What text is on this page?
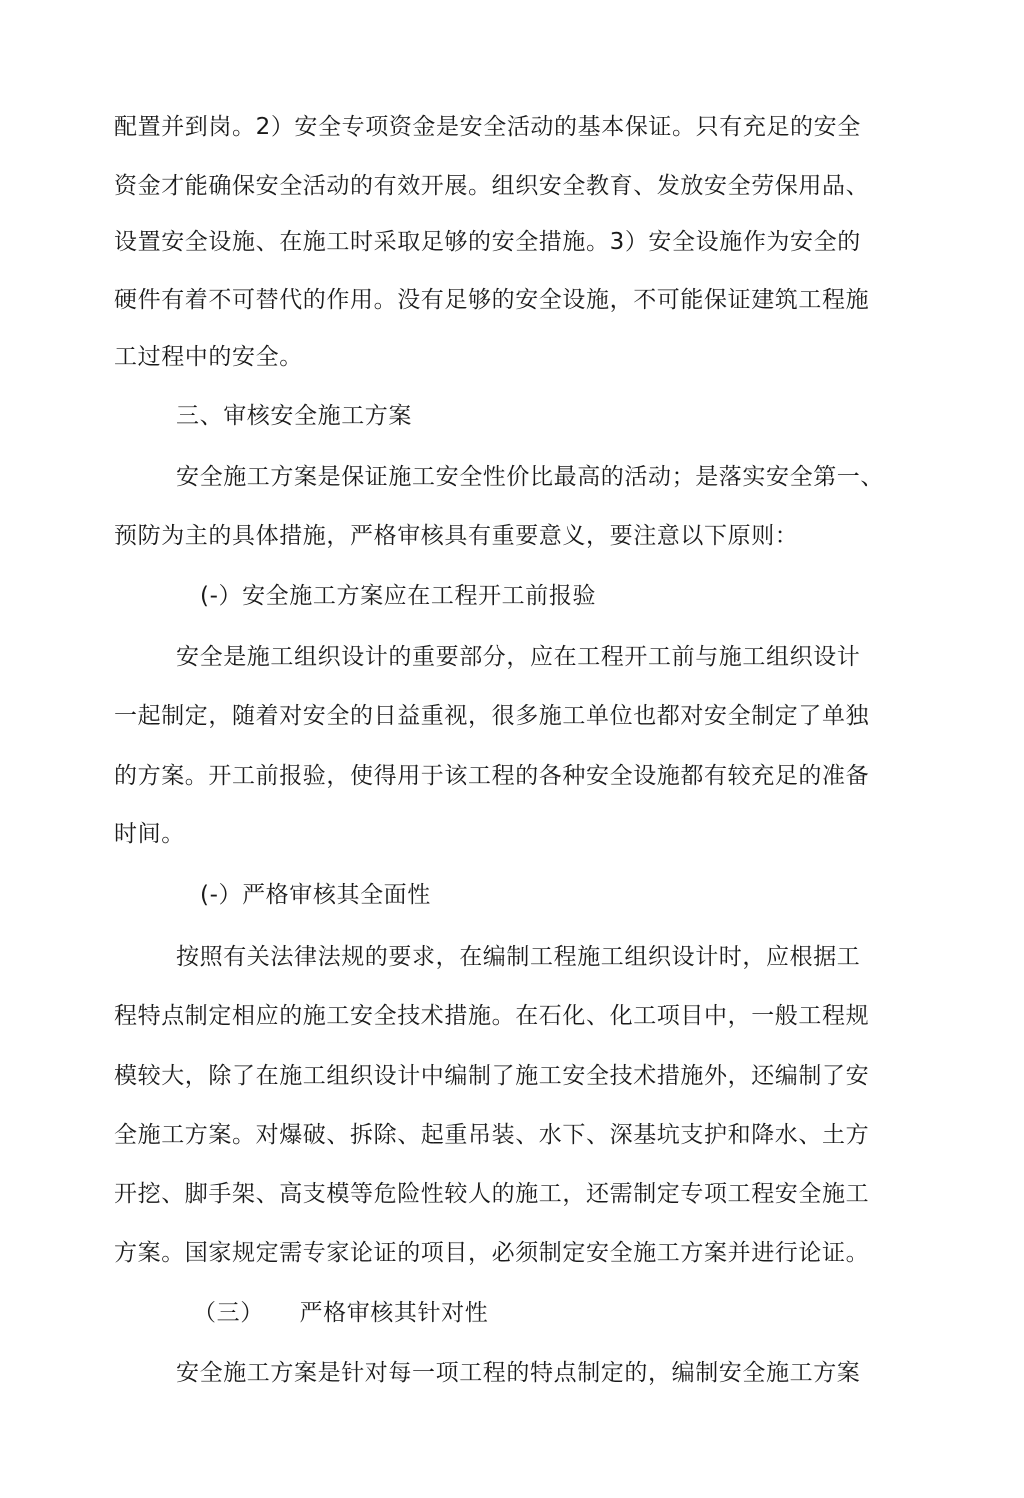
配置并到岗。2）安全专项资金是安全活动的基本保证。只有充足的安全
资金才能确保安全活动的有效开展。组织安全教育、发放安全劳保用品、
设置安全设施、在施工时采取足够的安全措施。3）安全设施作为安全的
硬件有着不可替代的作用。没有足够的安全设施，不可能保证建筑工程施
工过程中的安全。
三、审核安全施工方案
安全施工方案是保证施工安全性价比最高的活动；是落实安全第一、
预防为主的具体措施，严格审核具有重要意义，要注意以下原则：
(-）安全施工方案应在工程开工前报验
安全是施工组织设计的重要部分，应在工程开工前与施工组织设计
一起制定，随着对安全的日益重视，很多施工单位也都对安全制定了单独
的方案。开工前报验，使得用于该工程的各种安全设施都有较充足的准备
时间。
(-）严格审核其全面性
按照有关法律法规的要求，在编制工程施工组织设计时，应根据工
程特点制定相应的施工安全技术措施。在石化、化工项目中，一般工程规
模较大，除了在施工组织设计中编制了施工安全技术措施外，还编制了安
全施工方案。对爆破、拆除、起重吊装、水下、深基坑支护和降水、土方
开挖、脚手架、高支模等危险性较人的施工，还需制定专项工程安全施工
方案。国家规定需专家论证的项目，必须制定安全施工方案并进行论证。
（三）　　严格审核其针对性
安全施工方案是针对每一项工程的特点制定的，编制安全施工方案
